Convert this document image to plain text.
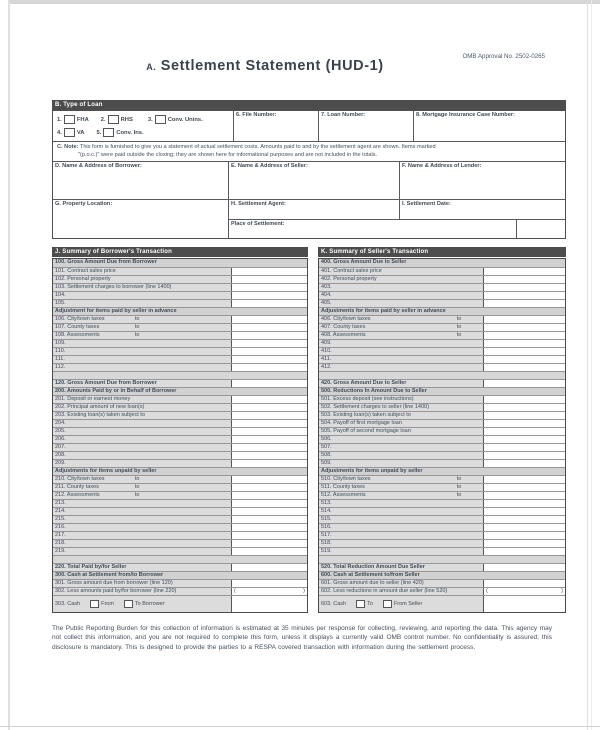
OMB Approval No. 2502-0265
A. Settlement Statement (HUD-1)
B. Type of Loan
1.	FHA 2.	RHS	3.	Conv. Unins.
4.	VA 5.	Conv. Ins.
6. File Number:	7. Loan Number:	8. Mortgage Insurance Case Number:
C. Note: This form is furnished to give you a statement of actual settlement costs. Amounts paid to and by the settlement agent are shown. Items marked
"(p.o.c.)" were paid outside the closing; they are shown here for informational purposes and are not included in the totals.
D. Name & Address of Borrower:	E. Name & Address of Seller:	F. Name & Address of Lender:
G. Property Location:	H. Settlement Agent:	I. Settlement Date:
Place of Settlement:
J. Summary of Borrower's Transaction
100. Gross Amount Due from Borrower
101. Contract sales price
102. Personal property
103. Settlement charges to borrower (line 1400)
104.
105.
Adjustment for items paid by seller in advance
106. City/town taxes	to
107. County taxes	to
108. Assessments	to
109.
110.
111.
112.
120. Gross Amount Due from Borrower
200. Amounts Paid by or in Behalf of Borrower
201. Deposit or earnest money
202. Principal amount of new loan(s)
203. Existing loan(s) taken subject to
204.
205.
206.
207.
208.
209.
Adjustments for items unpaid by seller
210. City/town taxes	to
211. County taxes	to
212. Assessments	to
213.
214.
215.
216.
217.
218.
219.
220. Total Paid by/for Seller
300. Cash at Settlement from/to Borrower
301. Gross amount due from borrower (line 120)
302. Less amounts paid by/for borrower (line 220)	(	)
303. Cash	From	To Borrower
K. Summary of Seller's Transaction
400. Gross Amount Due to Seller
401. Contract sales price
402. Personal property
403.
404.
405.
Adjustments for items paid by seller in advance
406. City/town taxes	to
407. County taxes	to
408. Assessments	to
409.
410.
411.
412.
420. Gross Amount Due to Seller
500. Reductions In Amount Due to Seller
501. Excess deposit (see instructions)
502. Settlement charges to seller (line 1400)
503. Existing loan(s) taken subject to
504. Payoff of first mortgage loan
505. Payoff of second mortgage loan
506.
507.
508.
509.
Adjustments for items unpaid by seller
510. City/town taxes	to
511. County taxes	to
512. Assessments	to
513.
514.
515.
516.
517.
518.
519.
520. Total Reduction Amount Due Seller
600. Cash at Settlement to/from Seller
601. Gross amount due to seller (line 420)
602. Less reductions in amount due seller (line 520)	(	)
603. Cash	To	From Seller
The Public Reporting Burden for this collection of information is estimated at 35 minutes per response for collecting, reviewing, and reporting the data. This agency may not collect this information, and you are not required to complete this form, unless it displays a currently valid OMB control number. No confidentiality is assured; this disclosure is mandatory. This is designed to provide the parties to a RESPA covered transaction with information during the settlement process.
